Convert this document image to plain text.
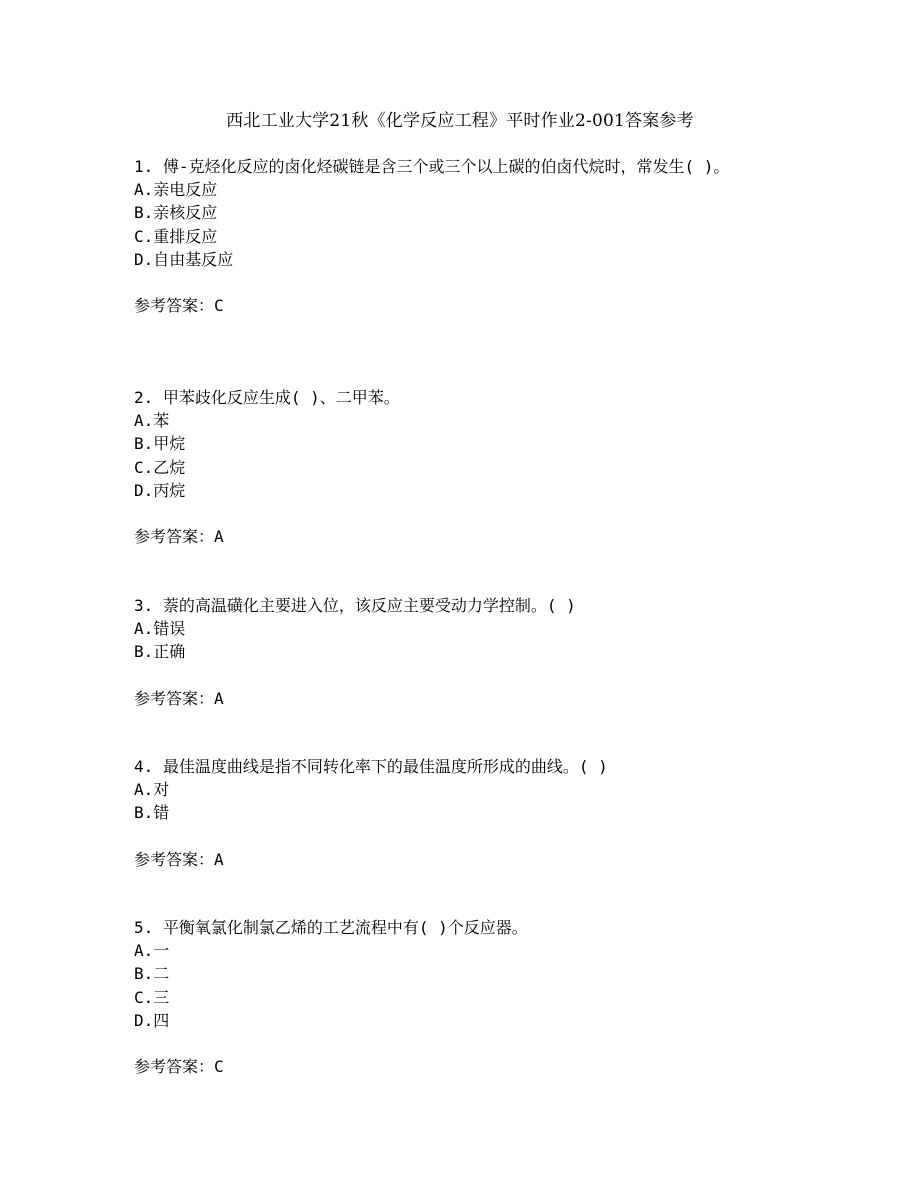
西北工业大学21秋《化学反应工程》平时作业2-001答案参考

1. 傅-克烃化反应的卤化烃碳链是含三个或三个以上碳的伯卤代烷时，常发生( )。

A.亲电反应

B.亲核反应

C.重排反应

D.自由基反应

参考答案：C

2. 甲苯歧化反应生成( )、二甲苯。

A.苯

B.甲烷

C.乙烷

D.丙烷

参考答案：A

3. 萘的高温磺化主要进入位，该反应主要受动力学控制。( )

A.错误

B.正确

参考答案：A

4. 最佳温度曲线是指不同转化率下的最佳温度所形成的曲线。( )

A.对

B.错

参考答案：A

5. 平衡氧氯化制氯乙烯的工艺流程中有( )个反应器。

A.一

B.二

C.三

D.四

参考答案：C
